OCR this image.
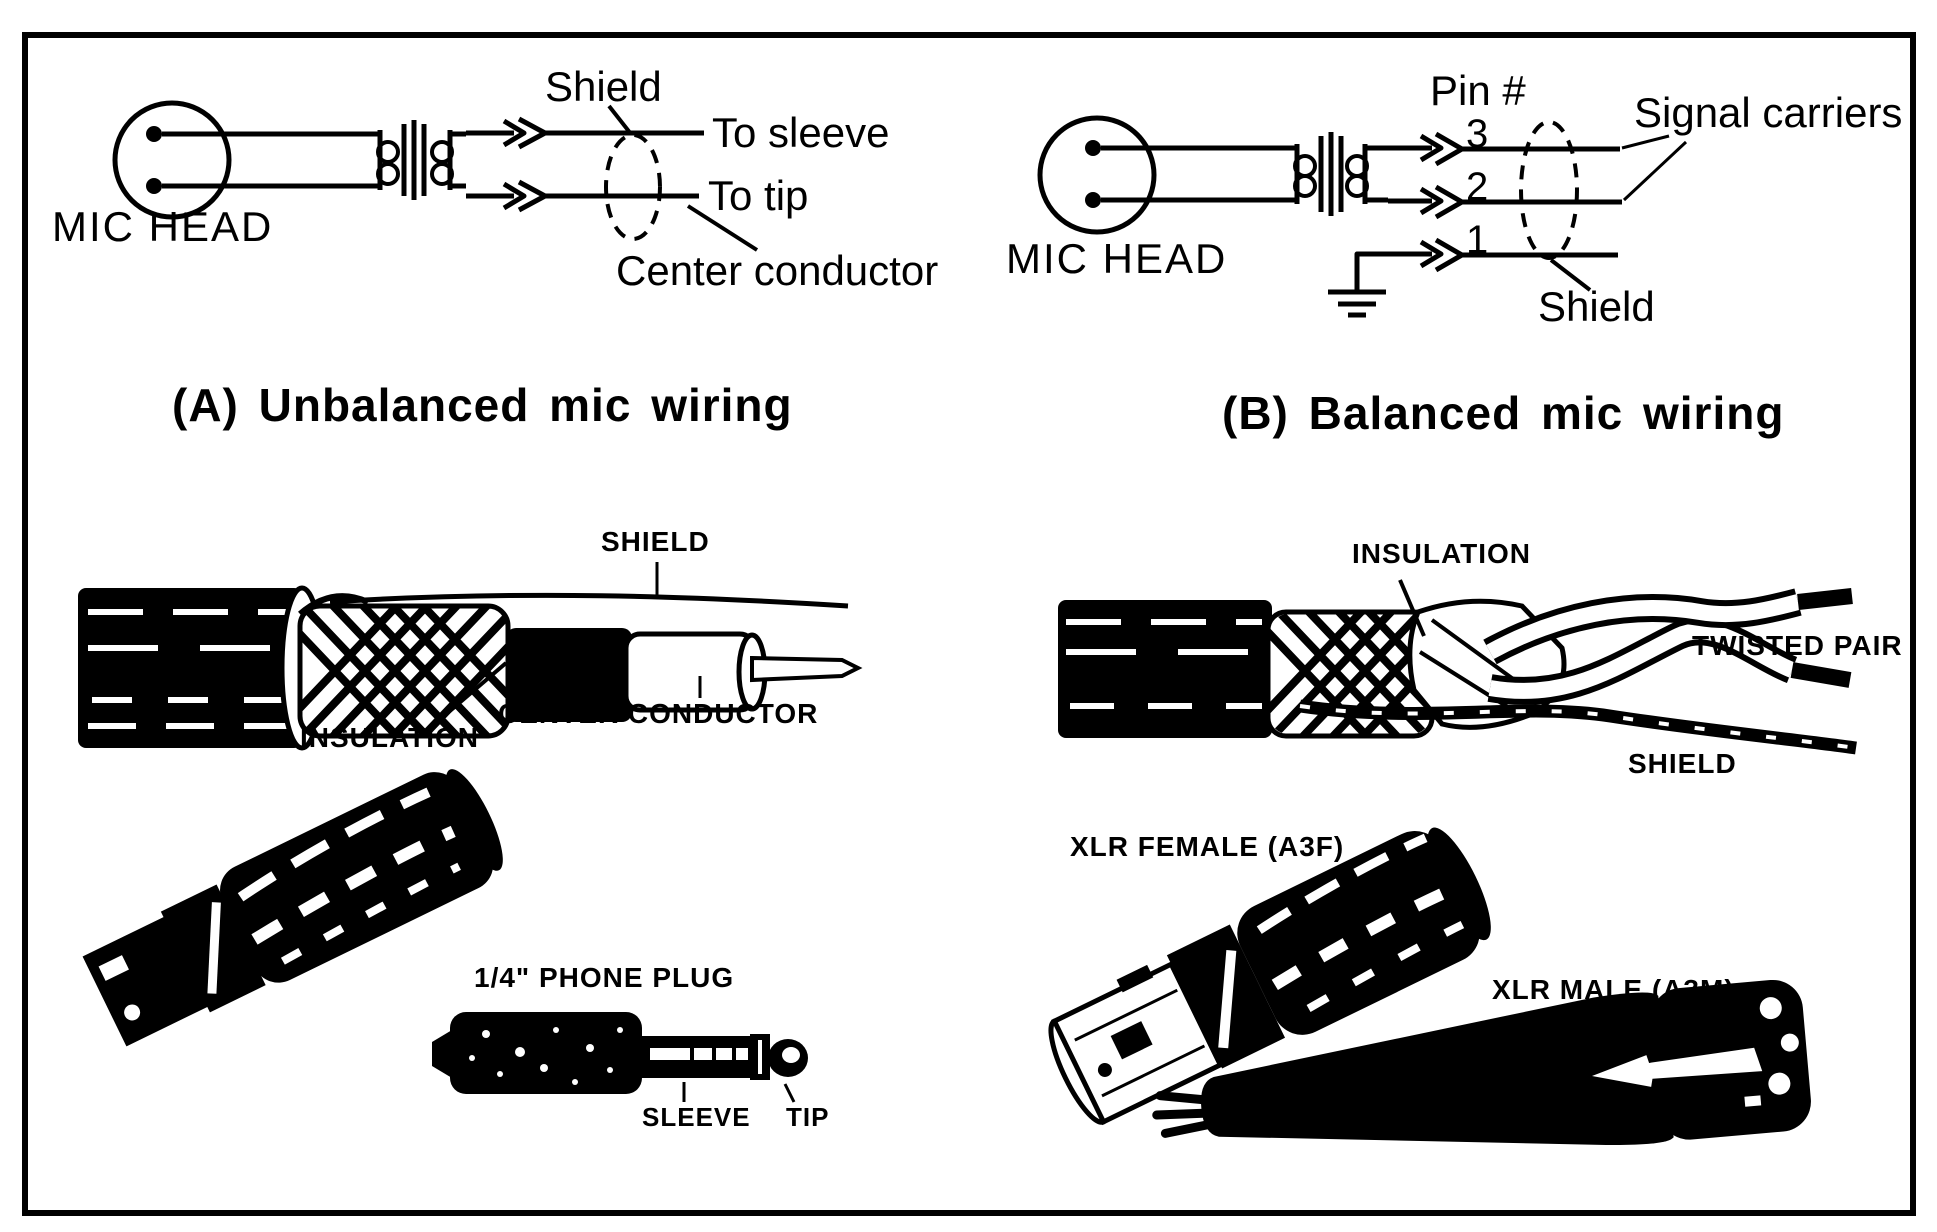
Shield
To sleeve
To tip
Center conductor
MIC HEAD
(A) Unbalanced mic wiring
SHIELD
CENTER CONDUCTOR
INSULATION
1/4" PHONE PLUG
SLEEVE TIP
MIC HEAD
Pin #
3
2
1
Signal carriers
Shield
(B) Balanced mic wiring
INSULATION
TWISTED PAIR
SHIELD
XLR FEMALE (A3F)
XLR MALE (A3M)
